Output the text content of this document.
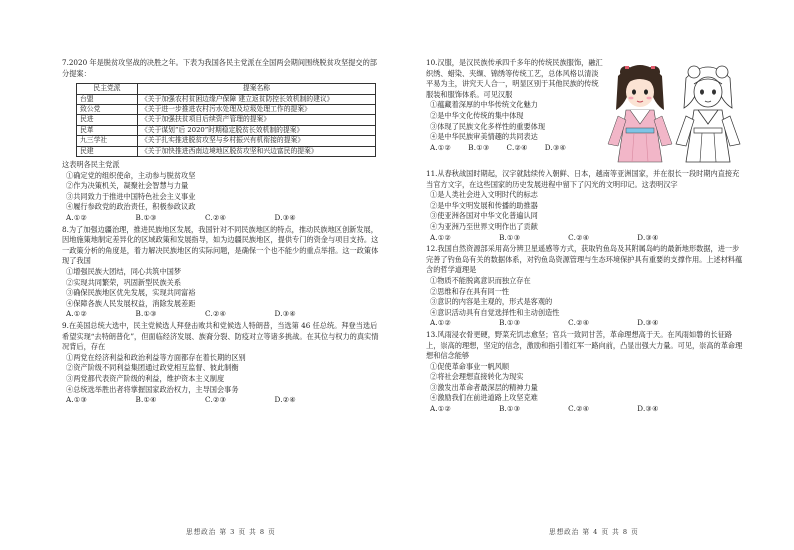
7.2020 年是脱贫攻坚战的决胜之年。下表为我国各民主党派在全国两会期间围绕脱贫攻坚提交的部分提案：

民主党派	提案名称
台盟	《关于加强农村贫困边缘户保障 建立返贫防控长效机制的建议》
致公党	《关于进一步推进农村污水处理及垃圾处理工作的提案》
民进	《关于加强扶贫项目后续资产管理的提案》
民革	《关于谋划“后 2020”时期稳定脱贫长效机制的提案》
九三学社	《关于扎实推进脱贫攻坚与乡村振兴有机衔接的提案》
民建	《关于加快推进西南边境地区脱贫攻坚和兴边富民的提案》

这表明各民主党派

①确定党的组织使命，主动参与脱贫攻坚

②作为决策机关，凝聚社会智慧与力量

③共同致力于推进中国特色社会主义事业

④履行参政党的政治责任，积极参政议政

A.①②	B.①③	C.②④	D.③④

8.为了加强边疆治理，推进民族地区发展，我国针对不同民族地区的特点，推动民族地区创新发展，因地施策地制定差异化的区域政策和发展指导，如为边疆民族地区，提供专门的资金与项目支持。这一政策分析的角度是，着力解决民族地区的实际问题，是确保一个也不能少的重点举措。这一政策体现了我国

①增强民族大团结，同心共筑中国梦

②实现共同繁荣，巩固新型民族关系

③确保民族地区优先发展，实现共同富裕

④保障各族人民发展权益，消除发展差距

A.①②	B.①③	C.②④	D.③④

9.在美国总统大选中，民主党候选人拜登击败共和党候选人特朗普，当选第 46 任总统。拜登当选后希望实现“去特朗普化”，但面临经济发展、族裔分裂、防疫对立等诸多挑战。在其位与权力的真实情况背后，存在

①两党在经济利益和政治利益等方面都存在着长期的区别

②资产阶级不同利益集团通过政党相互监督、彼此制衡

③两党都代表资产阶级的利益，维护资本主义制度

④总统选举胜出者将掌握国家政治权力，主导国会事务

A.①③	B.①④	C.②③	D.②④

10.汉服，是汉民族传承四千多年的传统民族服饰，融汇织绣、蜡染、夹缬、锦绣等传统工艺，总体风格以清淡平易为主，讲究天人合一，明显区别于其他民族的传统服装和服饰体系。可见汉服

①蕴藏着深厚的中华传统文化魅力

②是中华文化传统的集中体现

③体现了民族文化多样性的重要体现

④是中华民族审美情趣的共同表达

A.①② B.①③ C.②④ D.③④

11.从春秋战国时期起，汉字就陆续传入朝鲜、日本，越南等亚洲国家，并在很长一段时期内直接充当官方文字，在这些国家的历史发展进程中留下了闪光的文明印记。这表明汉字

①是人类社会进入文明时代的标志

②是中华文明发展和传播的助推器

③使亚洲各国对中华文化普遍认同

④为亚洲乃至世界文明作出了贡献

A.①②	B.①③	C.②④	D.③④

12.我国自然资源部采用高分辨卫星遥感等方式，获取钓鱼岛及其附属岛屿的最新地形数据，进一步完善了钓鱼岛有关的数据体系，对钓鱼岛资源管理与生态环境保护具有重要的支撑作用。上述材料蕴含的哲学道理是

①物质不能脱离意识而独立存在

②思维和存在具有同一性

③意识的内容是主观的，形式是客观的

④意识活动具有自觉选择性和主动创造性

A.①②	B.①③	C.②④	D.③④

13.风雨浸衣骨更硬，野菜充饥志愈坚；官兵一致同甘苦，革命理想高于天。在风雨如磐的长征路上，崇高的理想，坚定的信念，激励和指引着红军一路向前，凸显出强大力量。可见，崇高的革命理想和信念能够

①促使革命事业一帆风顺

②将社会理想直接转化为现实

③激发出革命者最深层的精神力量

④激励我们在前进道路上攻坚克难

A.①②	B.①③	C.②④	D.③④

思想政治 第 3 页 共 8 页	思想政治 第 4 页 共 8 页
